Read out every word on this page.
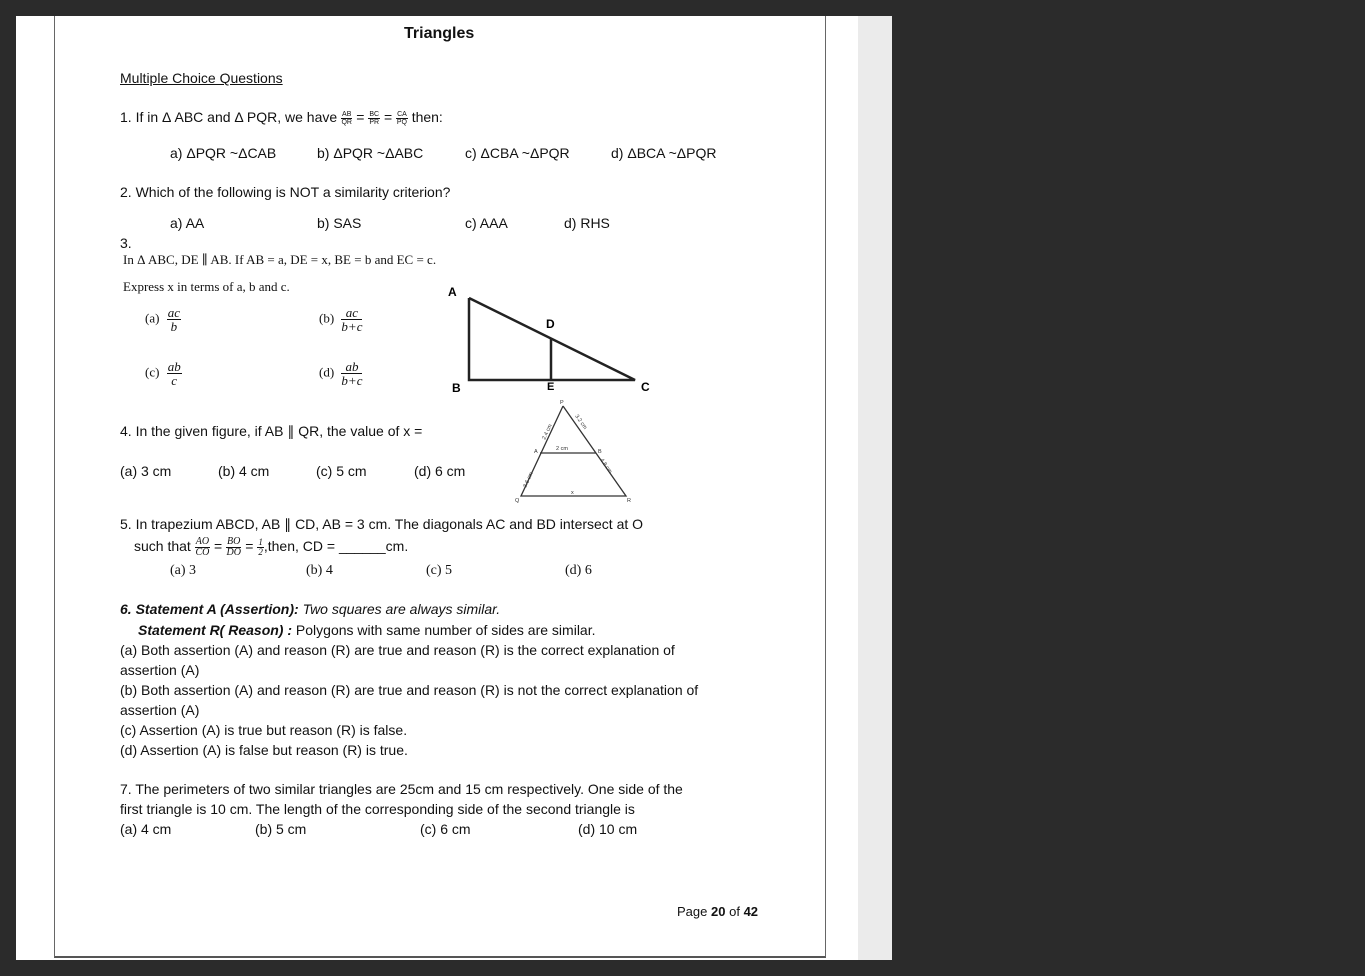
Triangles
Multiple Choice Questions
1. If in Δ ABC and Δ PQR, we have $\frac{AB}{QR} = \frac{BC}{PR} = \frac{CA}{PQ}$ then:
a) ΔPQR ~ΔCAB	b) ΔPQR ~ΔABC	c) ΔCBA ~ΔPQR	d) ΔBCA ~ΔPQR
2. Which of the following is NOT a similarity criterion?
a) AA	b) SAS	c) AAA	d) RHS
3.
In Δ ABC, DE ∥ AB. If AB = a, DE = x, BE = b and EC = c.
Express x in terms of a, b and c.
$(a) \frac{ac}{b}$	$(b) \frac{ac}{b+c}$
$(c) \frac{ab}{c}$	$(d) \frac{ab}{b+c}$
A
B	C
D
E
4. In the given figure, if AB ∥ QR, the value of x =
(a) 3 cm	(b) 4 cm	(c) 5 cm	(d) 6 cm
P
Q	R
A	B
x
2 cm
2.4 cm
3.2 cm
3.6 cm
4.8 cm
5. In trapezium ABCD, AB ∥ CD, AB = 3 cm. The diagonals AC and BD intersect at O
such that $\frac{AO}{CO} = \frac{BO}{DO} = \frac{1}{2}$ ,then, CD = ______cm.
(a) 3	(b) 4	(c) 5	(d) 6
6. Statement A (Assertion): Two squares are always similar.
Statement R( Reason) : Polygons with same number of sides are similar.
(a) Both assertion (A) and reason (R) are true and reason (R) is the correct explanation of
assertion (A)
(b) Both assertion (A) and reason (R) are true and reason (R) is not the correct explanation of
assertion (A)
(c) Assertion (A) is true but reason (R) is false.
(d) Assertion (A) is false but reason (R) is true.
7. The perimeters of two similar triangles are 25cm and 15 cm respectively. One side of the
first triangle is 10 cm. The length of the corresponding side of the second triangle is
(a) 4 cm	(b) 5 cm	(c) 6 cm	(d) 10 cm
Page 20 of 42
